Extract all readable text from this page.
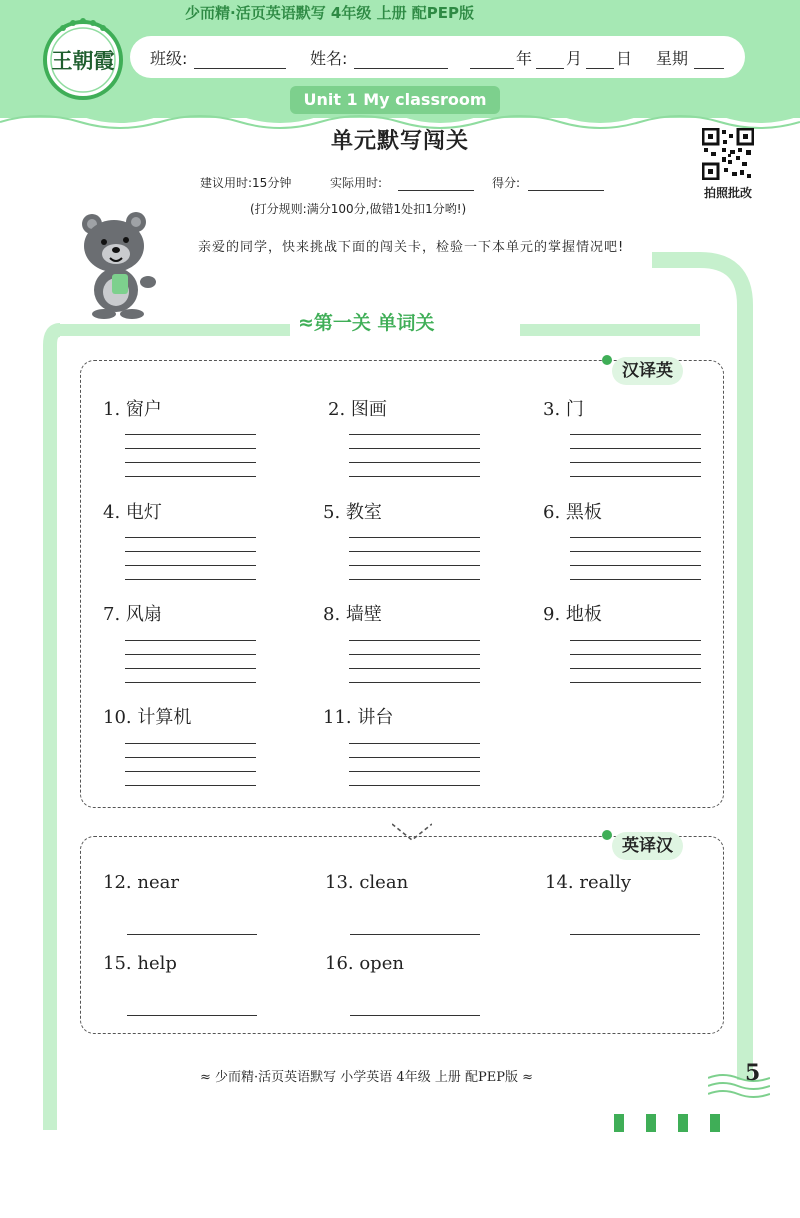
少而精·活页英语默写 4年级 上册 配PEP版
班级:	姓名:	年 月 日 星期
王朝霞
Unit 1 My classroom
单元默写闯关
拍照批改
建议用时:15分钟	实际用时:	得分:
(打分规则:满分100分,做错1处扣1分哟!)
亲爱的同学，快来挑战下面的闯关卡，检验一下本单元的掌握情况吧!
≈第一关 单词关
汉译英
1. 窗户	2. 图画	3. 门
4. 电灯	5. 教室	6. 黑板
7. 风扇	8. 墙壁	9. 地板
10. 计算机	11. 讲台
英译汉
12. near	13. clean	14. really
15. help	16. open
≈ 少而精·活页英语默写 小学英语 4年级 上册 配PEP版 ≈	5
